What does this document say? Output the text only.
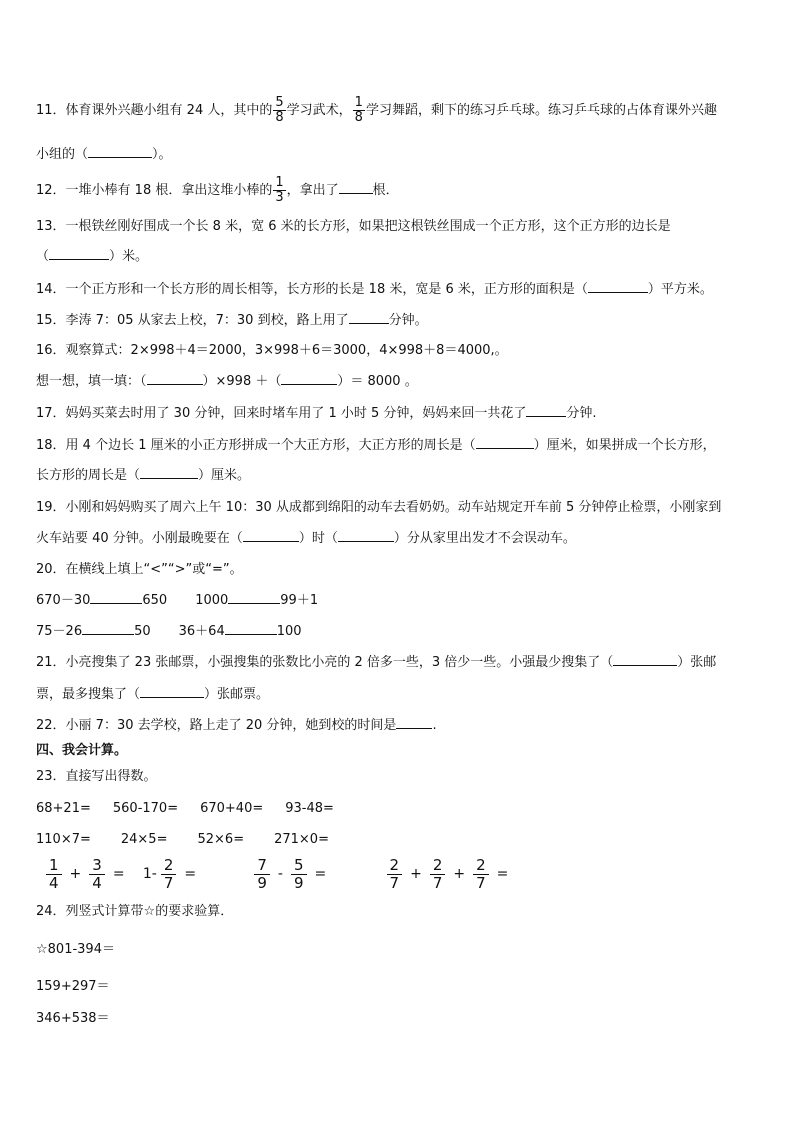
11．体育课外兴趣小组有 24 人，其中的 $\frac{5}{8}$ 学习武术， $\frac{1}{8}$ 学习舞蹈，剩下的练习乒乓球。练习乒乓球的占体育课外兴趣
小组的（	）。
12．一堆小棒有 18 根．拿出这堆小棒的 $\frac{1}{3}$ ，拿出了	根．
13．一根铁丝刚好围成一个长 8 米，宽 6 米的长方形，如果把这根铁丝围成一个正方形，这个正方形的边长是
（	）米。
14．一个正方形和一个长方形的周长相等，长方形的长是 18 米，宽是 6 米，正方形的面积是（	）平方米。
15．李涛 7：05 从家去上校，7：30 到校，路上用了	分钟。
16．观察算式：2×998＋4＝2000，3×998＋6＝3000，4×998＋8＝4000,。
想一想，填一填：（	）×998 ＋（	）＝ 8000 。
17．妈妈买菜去时用了 30 分钟，回来时堵车用了 1 小时 5 分钟，妈妈来回一共花了	分钟.
18．用 4 个边长 1 厘米的小正方形拼成一个大正方形，大正方形的周长是（	）厘米，如果拼成一个长方形，
长方形的周长是（	）厘米。
19．小刚和妈妈购买了周六上午 10：30 从成都到绵阳的动车去看奶奶。动车站规定开车前 5 分钟停止检票，小刚家到
火车站要 40 分钟。小刚最晚要在（	）时（	）分从家里出发才不会误动车。
20．在横线上填上“<”“>”或“=”。
670－30	650 1000	99＋1
75－26	50 36＋64	100
21．小亮搜集了 23 张邮票，小强搜集的张数比小亮的 2 倍多一些，3 倍少一些。小强最少搜集了（	）张邮
票，最多搜集了（	）张邮票。
22．小丽 7：30 去学校，路上走了 20 分钟，她到校的时间是	.
四、我会计算。
23．直接写出得数。
68+21= 560-170= 670+40= 93-48=
110×7= 24×5= 52×6= 271×0=
$\frac{1}{4} + \frac{3}{4} = 1- \frac{2}{7}$ =	$\frac{7}{9} - \frac{5}{9}$ =	$\frac{2}{7} + \frac{2}{7} + \frac{2}{7}$ =
24．列竖式计算带☆的要求验算．
☆801-394＝
159+297＝
346+538＝
